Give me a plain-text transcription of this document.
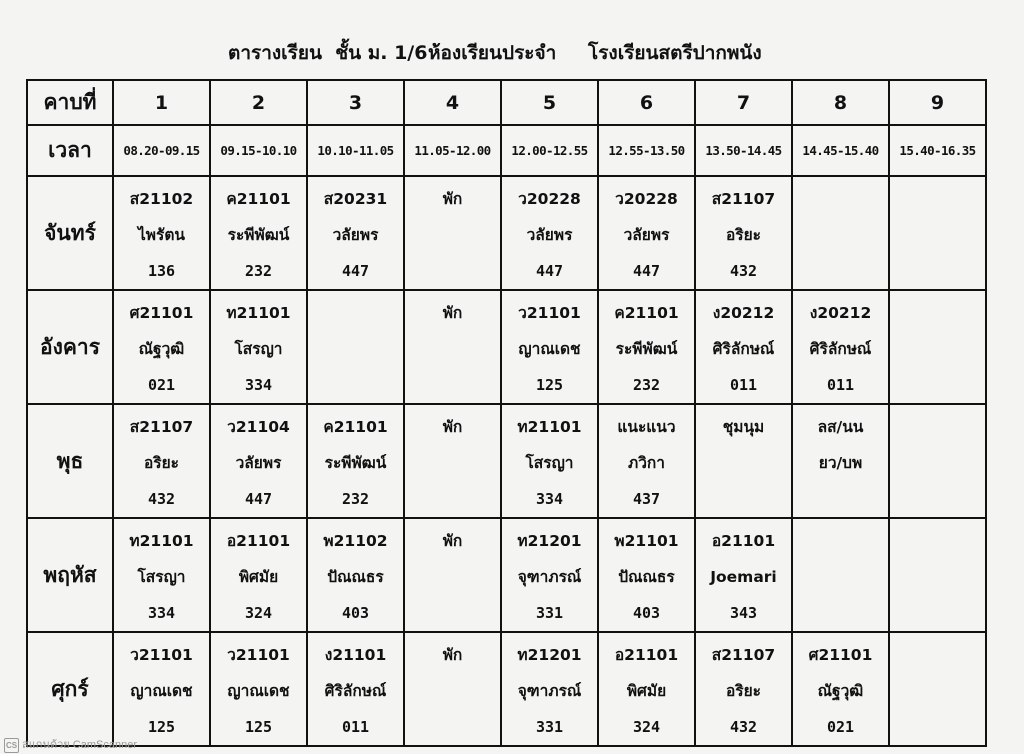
ตารางเรียน  ชั้น ม. 1/6

ห้องเรียนประจำ

โรงเรียนสตรีปากพนัง

คาบที่	1	2	3	4	5	6	7	8	9
เวลา	08.20-09.15	09.15-10.10	10.10-11.05	11.05-12.00	12.00-12.55	12.55-13.50	13.50-14.45	14.45-15.40	15.40-16.35
จันทร์	ส21102
ไพรัตน
136	ค21101
ระพีพัฒน์
232	ส20231
วลัยพร
447	พัก	ว20228
วลัยพร
447	ว20228
วลัยพร
447	ส21107
อริยะ
432		

อังคาร	ศ21101
ณัฐวุฒิ
021	ท21101
โสรญา
334		พัก	ว21101
ญาณเดช
125	ค21101
ระพีพัฒน์
232	ง20212
ศิริลักษณ์
011	ง20212
ศิริลักษณ์
011	

พุธ	ส21107
อริยะ
432	ว21104
วลัยพร
447	ค21101
ระพีพัฒน์
232	พัก	ท21101
โสรญา
334	แนะแนว
ภวิกา
437	ชุมนุม	ลส/นน
ยว/บพ	

พฤหัส	ท21101
โสรญา
334	อ21101
พิศมัย
324	พ21102
ปัณณธร
403	พัก	ท21201
จุฑาภรณ์
331	พ21101
ปัณณธร
403	อ21101
Joemari
343		

ศุกร์	ว21101
ญาณเดช
125	ว21101
ญาณเดช
125	ง21101
ศิริลักษณ์
011	พัก	ท21201
จุฑาภรณ์
331	อ21101
พิศมัย
324	ส21107
อริยะ
432	ศ21101
ณัฐวุฒิ
021	

CS สแกนด้วย CamScanner
